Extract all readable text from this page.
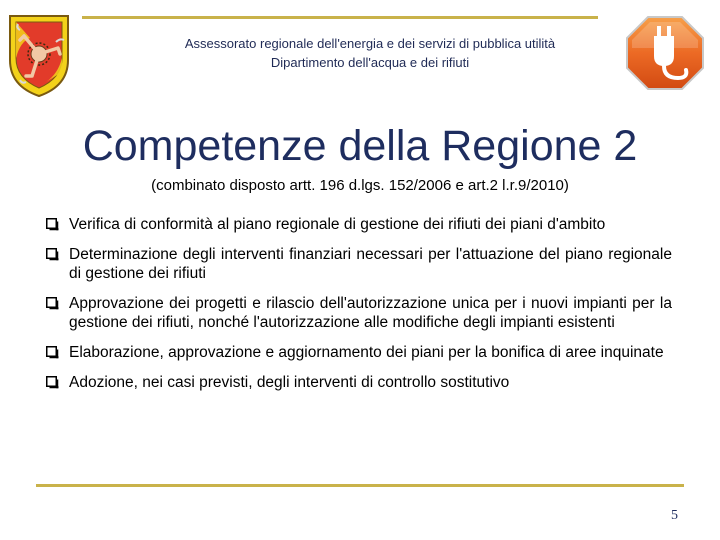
Assessorato regionale dell'energia e dei servizi di pubblica utilità
Dipartimento dell'acqua e dei rifiuti
Competenze della Regione 2
(combinato disposto artt. 196 d.lgs. 152/2006 e art.2 l.r.9/2010)
Verifica di conformità al piano regionale di gestione dei rifiuti dei piani d'ambito
Determinazione degli interventi finanziari necessari per l'attuazione del piano regionale di gestione dei rifiuti
Approvazione dei progetti e rilascio dell'autorizzazione unica per i nuovi impianti per la gestione dei rifiuti, nonché l'autorizzazione alle modifiche degli impianti esistenti
Elaborazione, approvazione e aggiornamento dei piani per la bonifica di aree inquinate
Adozione, nei casi previsti, degli interventi di controllo sostitutivo
5
